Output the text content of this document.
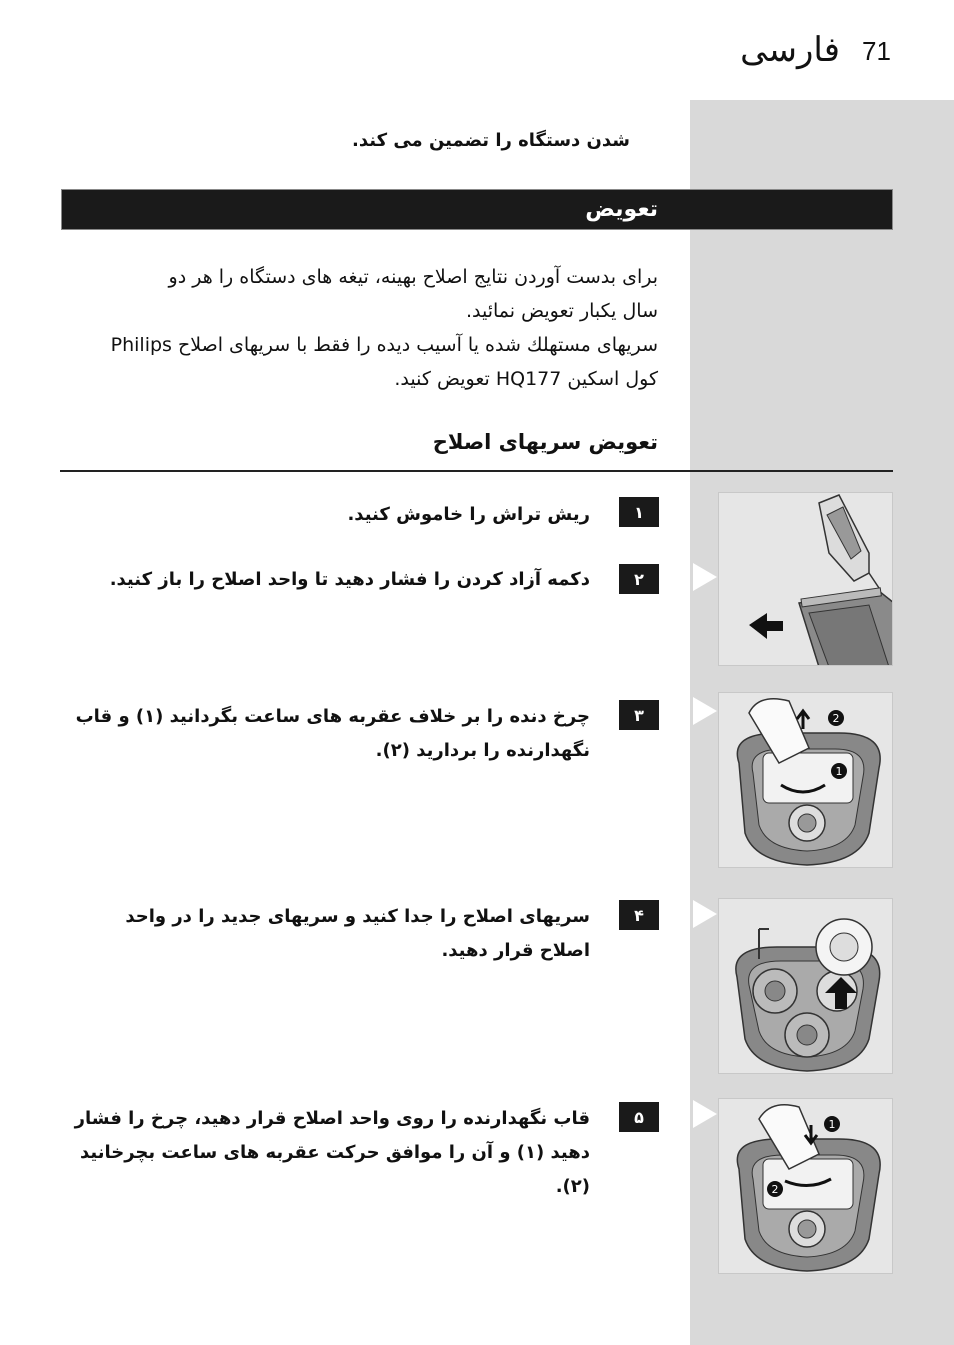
71
فارسی
شدن دستگاه را تضمین می کند.
تعویض
برای بدست آوردن نتایج اصلاح بهینه، تیغه های دستگاه را هر دو
سال یکبار تعویض نمائید.
سریهای مستهلك شده یا آسیب دیده را فقط با سریهای اصلاح Philips
کول اسکین HQ177 تعویض کنید.
تعویض سریهای اصلاح
١
ریش تراش را خاموش کنید.
٢
دکمه آزاد کردن را فشار دهید تا واحد اصلاح را باز کنید.
٣
چرخ دنده را بر خلاف عقربه های ساعت بگردانید (١) و قاب
نگهدارنده را بردارید (٢).
۴
سریهای اصلاح را جدا کنید و سریهای جدید را در واحد
اصلاح قرار دهید.
۵
قاب نگهدارنده را روی واحد اصلاح قرار دهید، چرخ را فشار
دهید (١) و آن را موافق حرکت عقربه های ساعت بچرخانید
(٢).
2
1
1
2
